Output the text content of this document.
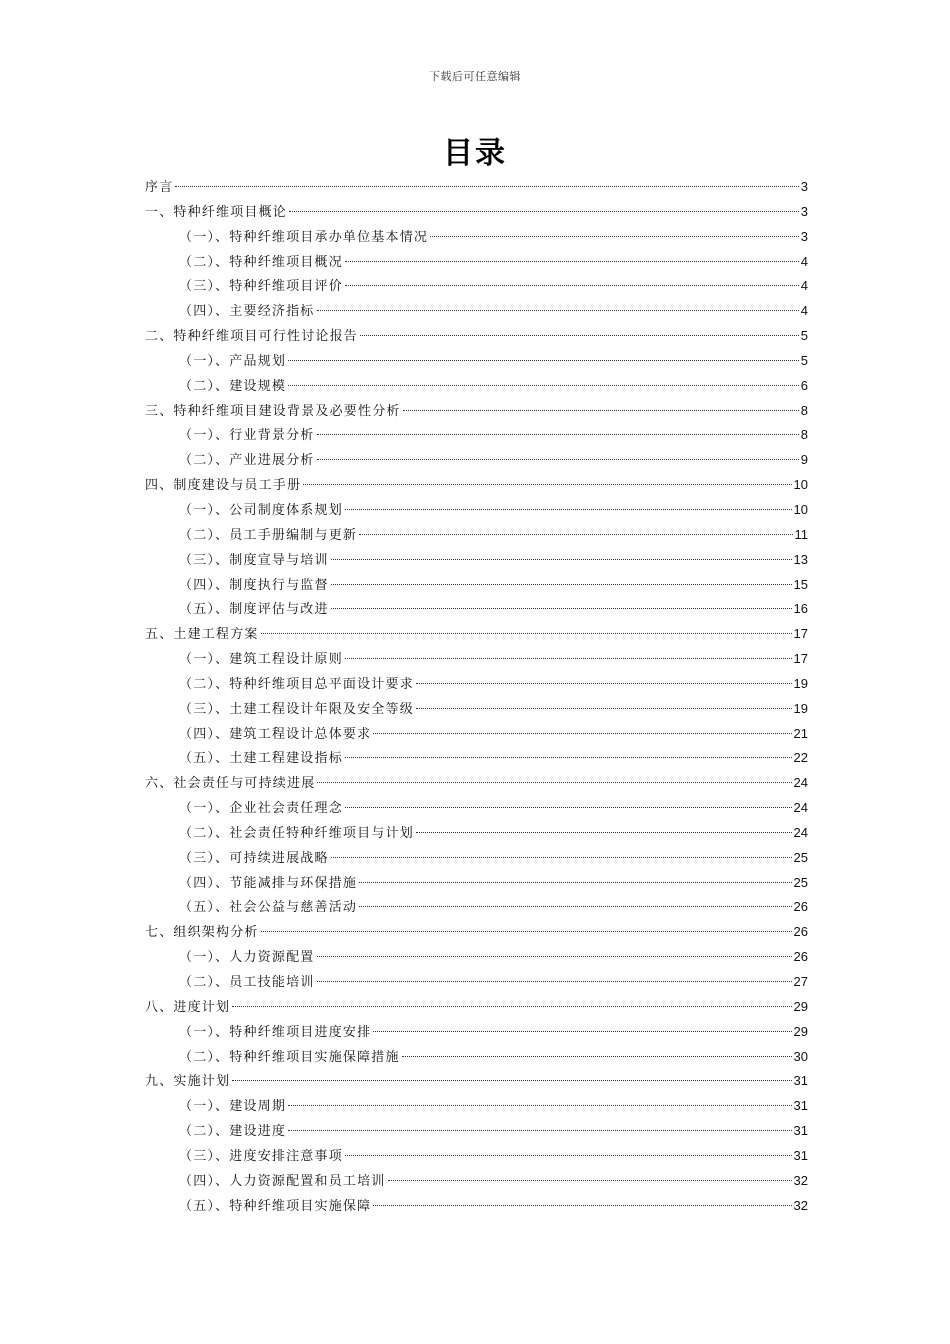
下载后可任意编辑
目录
序言	3
一、特种纤维项目概论	3
（一）、特种纤维项目承办单位基本情况	3
（二）、特种纤维项目概况	4
（三）、特种纤维项目评价	4
（四）、主要经济指标	4
二、特种纤维项目可行性讨论报告	5
（一）、产品规划	5
（二）、建设规模	6
三、特种纤维项目建设背景及必要性分析	8
（一）、行业背景分析	8
（二）、产业进展分析	9
四、制度建设与员工手册	10
（一）、公司制度体系规划	10
（二）、员工手册编制与更新	11
（三）、制度宣导与培训	13
（四）、制度执行与监督	15
（五）、制度评估与改进	16
五、土建工程方案	17
（一）、建筑工程设计原则	17
（二）、特种纤维项目总平面设计要求	19
（三）、土建工程设计年限及安全等级	19
（四）、建筑工程设计总体要求	21
（五）、土建工程建设指标	22
六、社会责任与可持续进展	24
（一）、企业社会责任理念	24
（二）、社会责任特种纤维项目与计划	24
（三）、可持续进展战略	25
（四）、节能减排与环保措施	25
（五）、社会公益与慈善活动	26
七、组织架构分析	26
（一）、人力资源配置	26
（二）、员工技能培训	27
八、进度计划	29
（一）、特种纤维项目进度安排	29
（二）、特种纤维项目实施保障措施	30
九、实施计划	31
（一）、建设周期	31
（二）、建设进度	31
（三）、进度安排注意事项	31
（四）、人力资源配置和员工培训	32
（五）、特种纤维项目实施保障	32
